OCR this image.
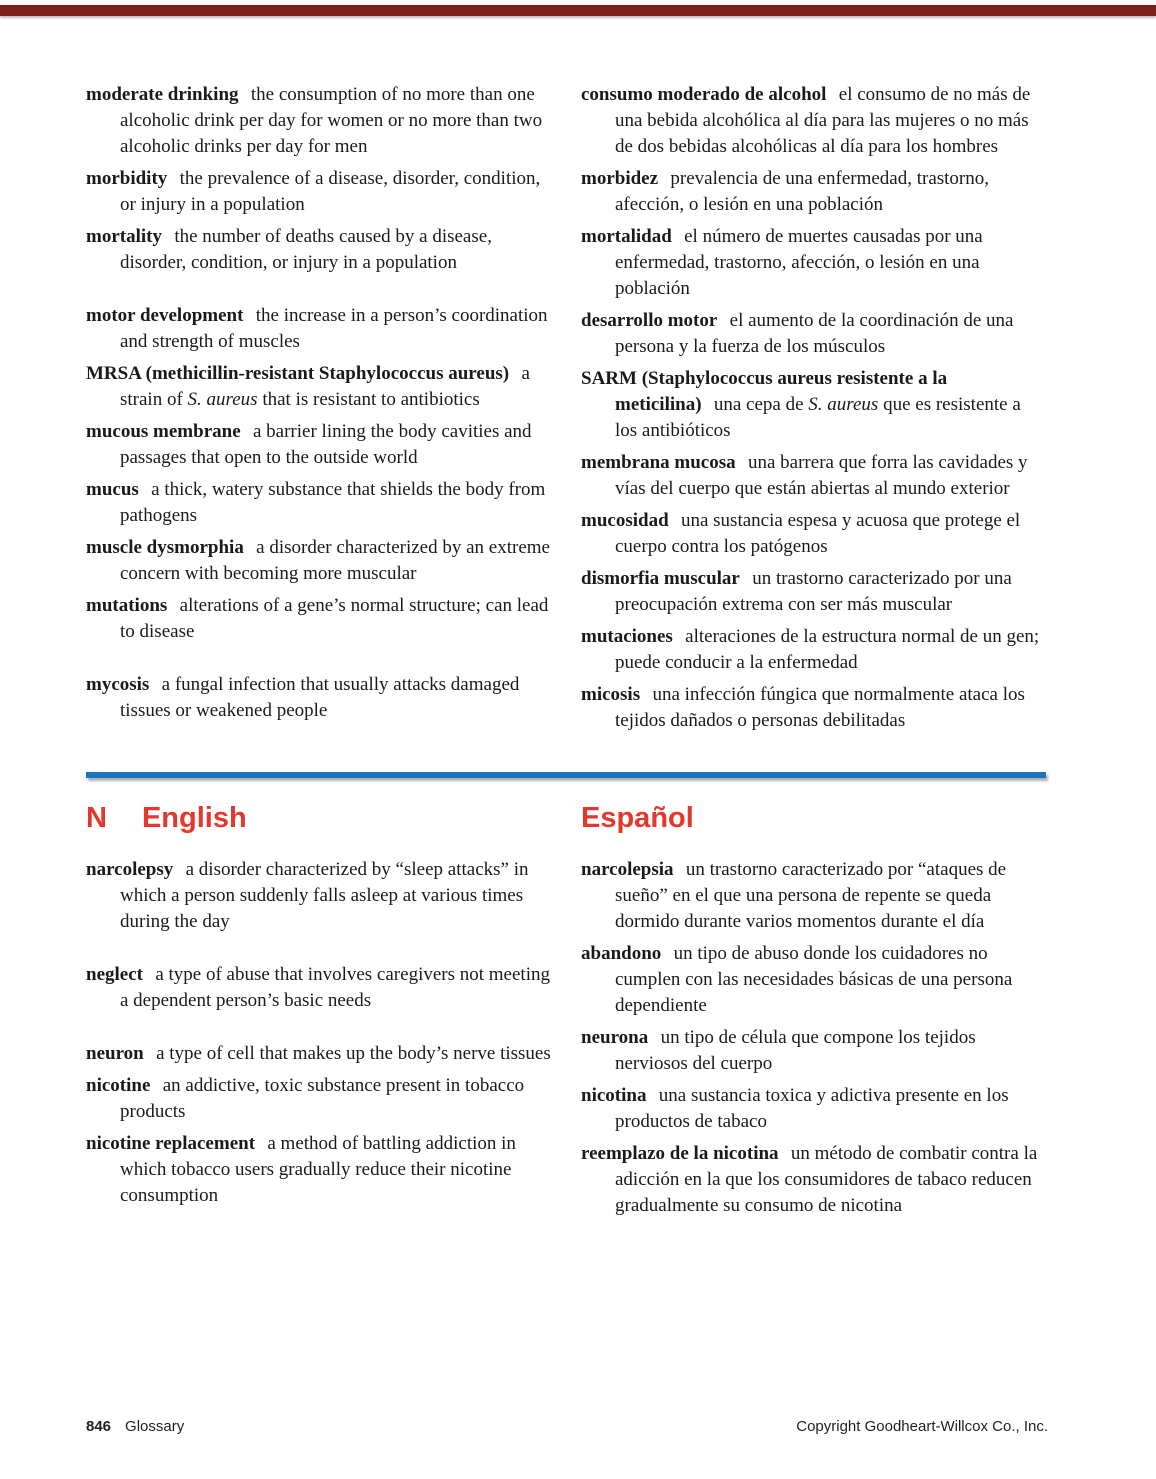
moderate drinking the consumption of no more than one alcoholic drink per day for women or no more than two alcoholic drinks per day for men

morbidity the prevalence of a disease, disorder, condition, or injury in a population

mortality the number of deaths caused by a disease, disorder, condition, or injury in a population

motor development the increase in a person’s coordination and strength of muscles

MRSA (methicillin-resistant Staphylococcus aureus) a strain of S. aureus that is resistant to antibiotics

mucous membrane a barrier lining the body cavities and passages that open to the outside world

mucus a thick, watery substance that shields the body from pathogens

muscle dysmorphia a disorder characterized by an extreme concern with becoming more muscular

mutations alterations of a gene’s normal structure; can lead to disease

mycosis a fungal infection that usually attacks damaged tissues or weakened people

consumo moderado de alcohol el consumo de no más de una bebida alcohólica al día para las mujeres o no más de dos bebidas alcohólicas al día para los hombres

morbidez prevalencia de una enfermedad, trastorno, afección, o lesión en una población

mortalidad el número de muertes causadas por una enfermedad, trastorno, afección, o lesión en una población

desarrollo motor el aumento de la coordinación de una persona y la fuerza de los músculos

SARM (Staphylococcus aureus resistente a la meticilina) una cepa de S. aureus que es resistente a los antibióticos

membrana mucosa una barrera que forra las cavidades y vías del cuerpo que están abiertas al mundo exterior

mucosidad una sustancia espesa y acuosa que protege el cuerpo contra los patógenos

dismorfia muscular un trastorno caracterizado por una preocupación extrema con ser más muscular

mutaciones alteraciones de la estructura normal de un gen; puede conducir a la enfermedad

micosis una infección fúngica que normalmente ataca los tejidos dañados o personas debilitadas

N English	Español

narcolepsy a disorder characterized by “sleep attacks” in which a person suddenly falls asleep at various times during the day

neglect a type of abuse that involves caregivers not meeting a dependent person’s basic needs

neuron a type of cell that makes up the body’s nerve tissues

nicotine an addictive, toxic substance present in tobacco products

nicotine replacement a method of battling addiction in which tobacco users gradually reduce their nicotine consumption

narcolepsia un trastorno caracterizado por “ataques de sueño” en el que una persona de repente se queda dormido durante varios momentos durante el día

abandono un tipo de abuso donde los cuidadores no cumplen con las necesidades básicas de una persona dependiente

neurona un tipo de célula que compone los tejidos nerviosos del cuerpo

nicotina una sustancia toxica y adictiva presente en los productos de tabaco

reemplazo de la nicotina un método de combatir contra la adicción en la que los consumidores de tabaco reducen gradualmente su consumo de nicotina

846 Glossary	Copyright Goodheart-Willcox Co., Inc.
